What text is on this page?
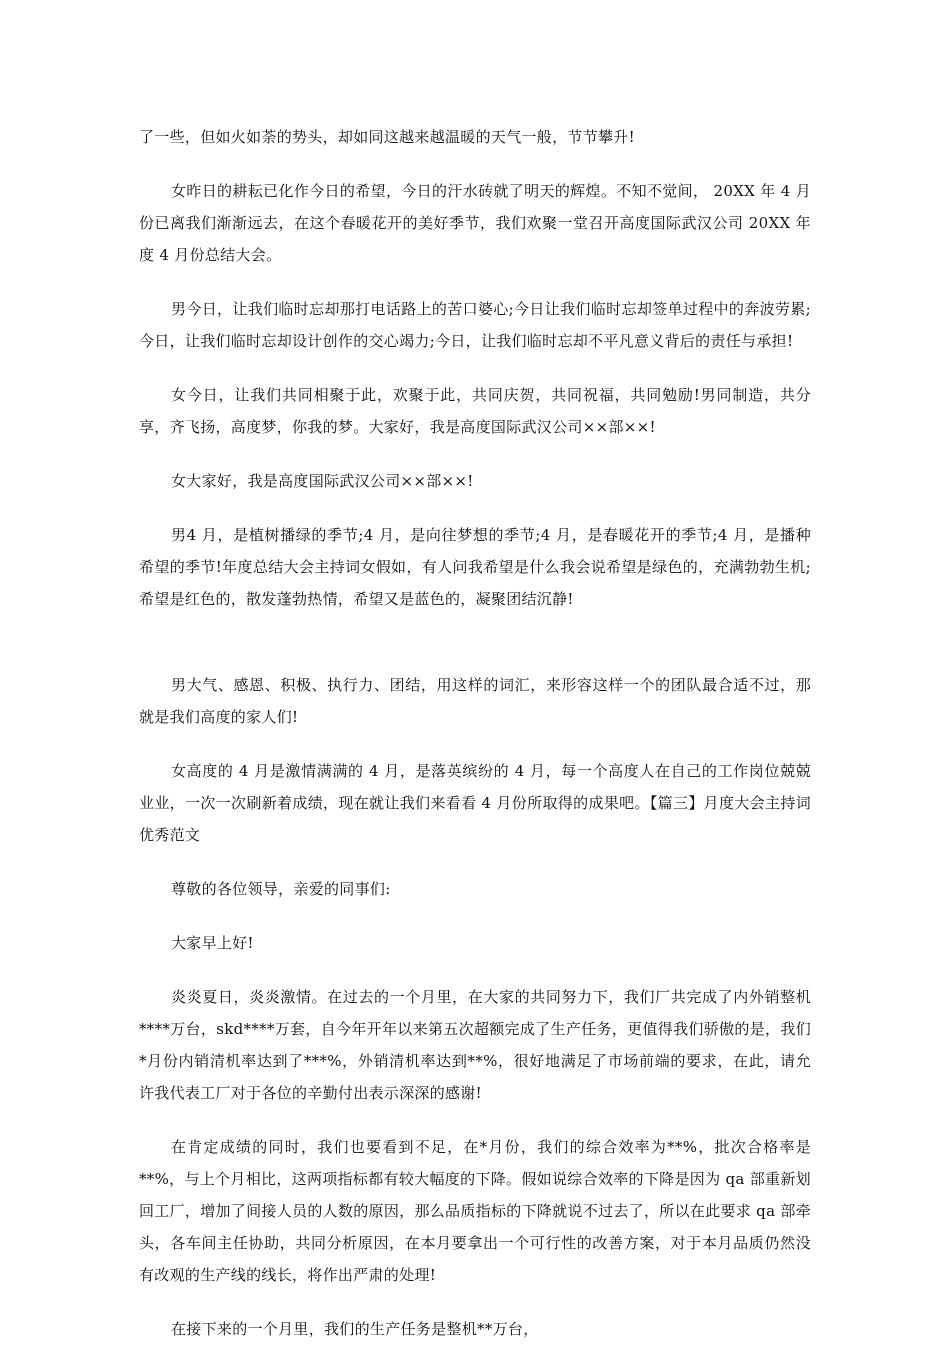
了一些，但如火如荼的势头，却如同这越来越温暖的天气一般，节节攀升!

女昨日的耕耘已化作今日的希望，今日的汗水砖就了明天的辉煌。不知不觉间， 20XX 年 4 月份已离我们渐渐远去，在这个春暖花开的美好季节，我们欢聚一堂召开高度国际武汉公司 20XX 年度 4 月份总结大会。

男今日，让我们临时忘却那打电话路上的苦口婆心;今日让我们临时忘却签单过程中的奔波劳累;今日，让我们临时忘却设计创作的交心竭力;今日，让我们临时忘却不平凡意义背后的责任与承担!

女今日，让我们共同相聚于此，欢聚于此，共同庆贺，共同祝福，共同勉励!男同制造，共分享，齐飞扬，高度梦，你我的梦。大家好，我是高度国际武汉公司××部××!

女大家好，我是高度国际武汉公司××部××!

男4 月，是植树播绿的季节;4 月，是向往梦想的季节;4 月，是春暖花开的季节;4 月，是播种希望的季节!年度总结大会主持词女假如，有人问我希望是什么我会说希望是绿色的，充满勃勃生机;希望是红色的，散发蓬勃热情，希望又是蓝色的，凝聚团结沉静!

男大气、感恩、积极、执行力、团结，用这样的词汇，来形容这样一个的团队最合适不过，那就是我们高度的家人们!

女高度的 4 月是激情满满的 4 月，是落英缤纷的 4 月，每一个高度人在自己的工作岗位兢兢业业，一次一次刷新着成绩，现在就让我们来看看 4 月份所取得的成果吧。【篇三】月度大会主持词优秀范文

尊敬的各位领导，亲爱的同事们:

大家早上好!

炎炎夏日，炎炎激情。在过去的一个月里，在大家的共同努力下，我们厂共完成了内外销整机****万台，skd****万套，自今年开年以来第五次超额完成了生产任务，更值得我们骄傲的是，我们*月份内销清机率达到了***%，外销清机率达到**%，很好地满足了市场前端的要求，在此，请允许我代表工厂对于各位的辛勤付出表示深深的感谢!

在肯定成绩的同时，我们也要看到不足，在*月份，我们的综合效率为**%，批次合格率是**%，与上个月相比，这两项指标都有较大幅度的下降。假如说综合效率的下降是因为 qa 部重新划回工厂，增加了间接人员的人数的原因，那么品质指标的下降就说不过去了，所以在此要求 qa 部牵头，各车间主任协助，共同分析原因，在本月要拿出一个可行性的改善方案，对于本月品质仍然没有改观的生产线的线长，将作出严肃的处理!

在接下来的一个月里，我们的生产任务是整机**万台，
